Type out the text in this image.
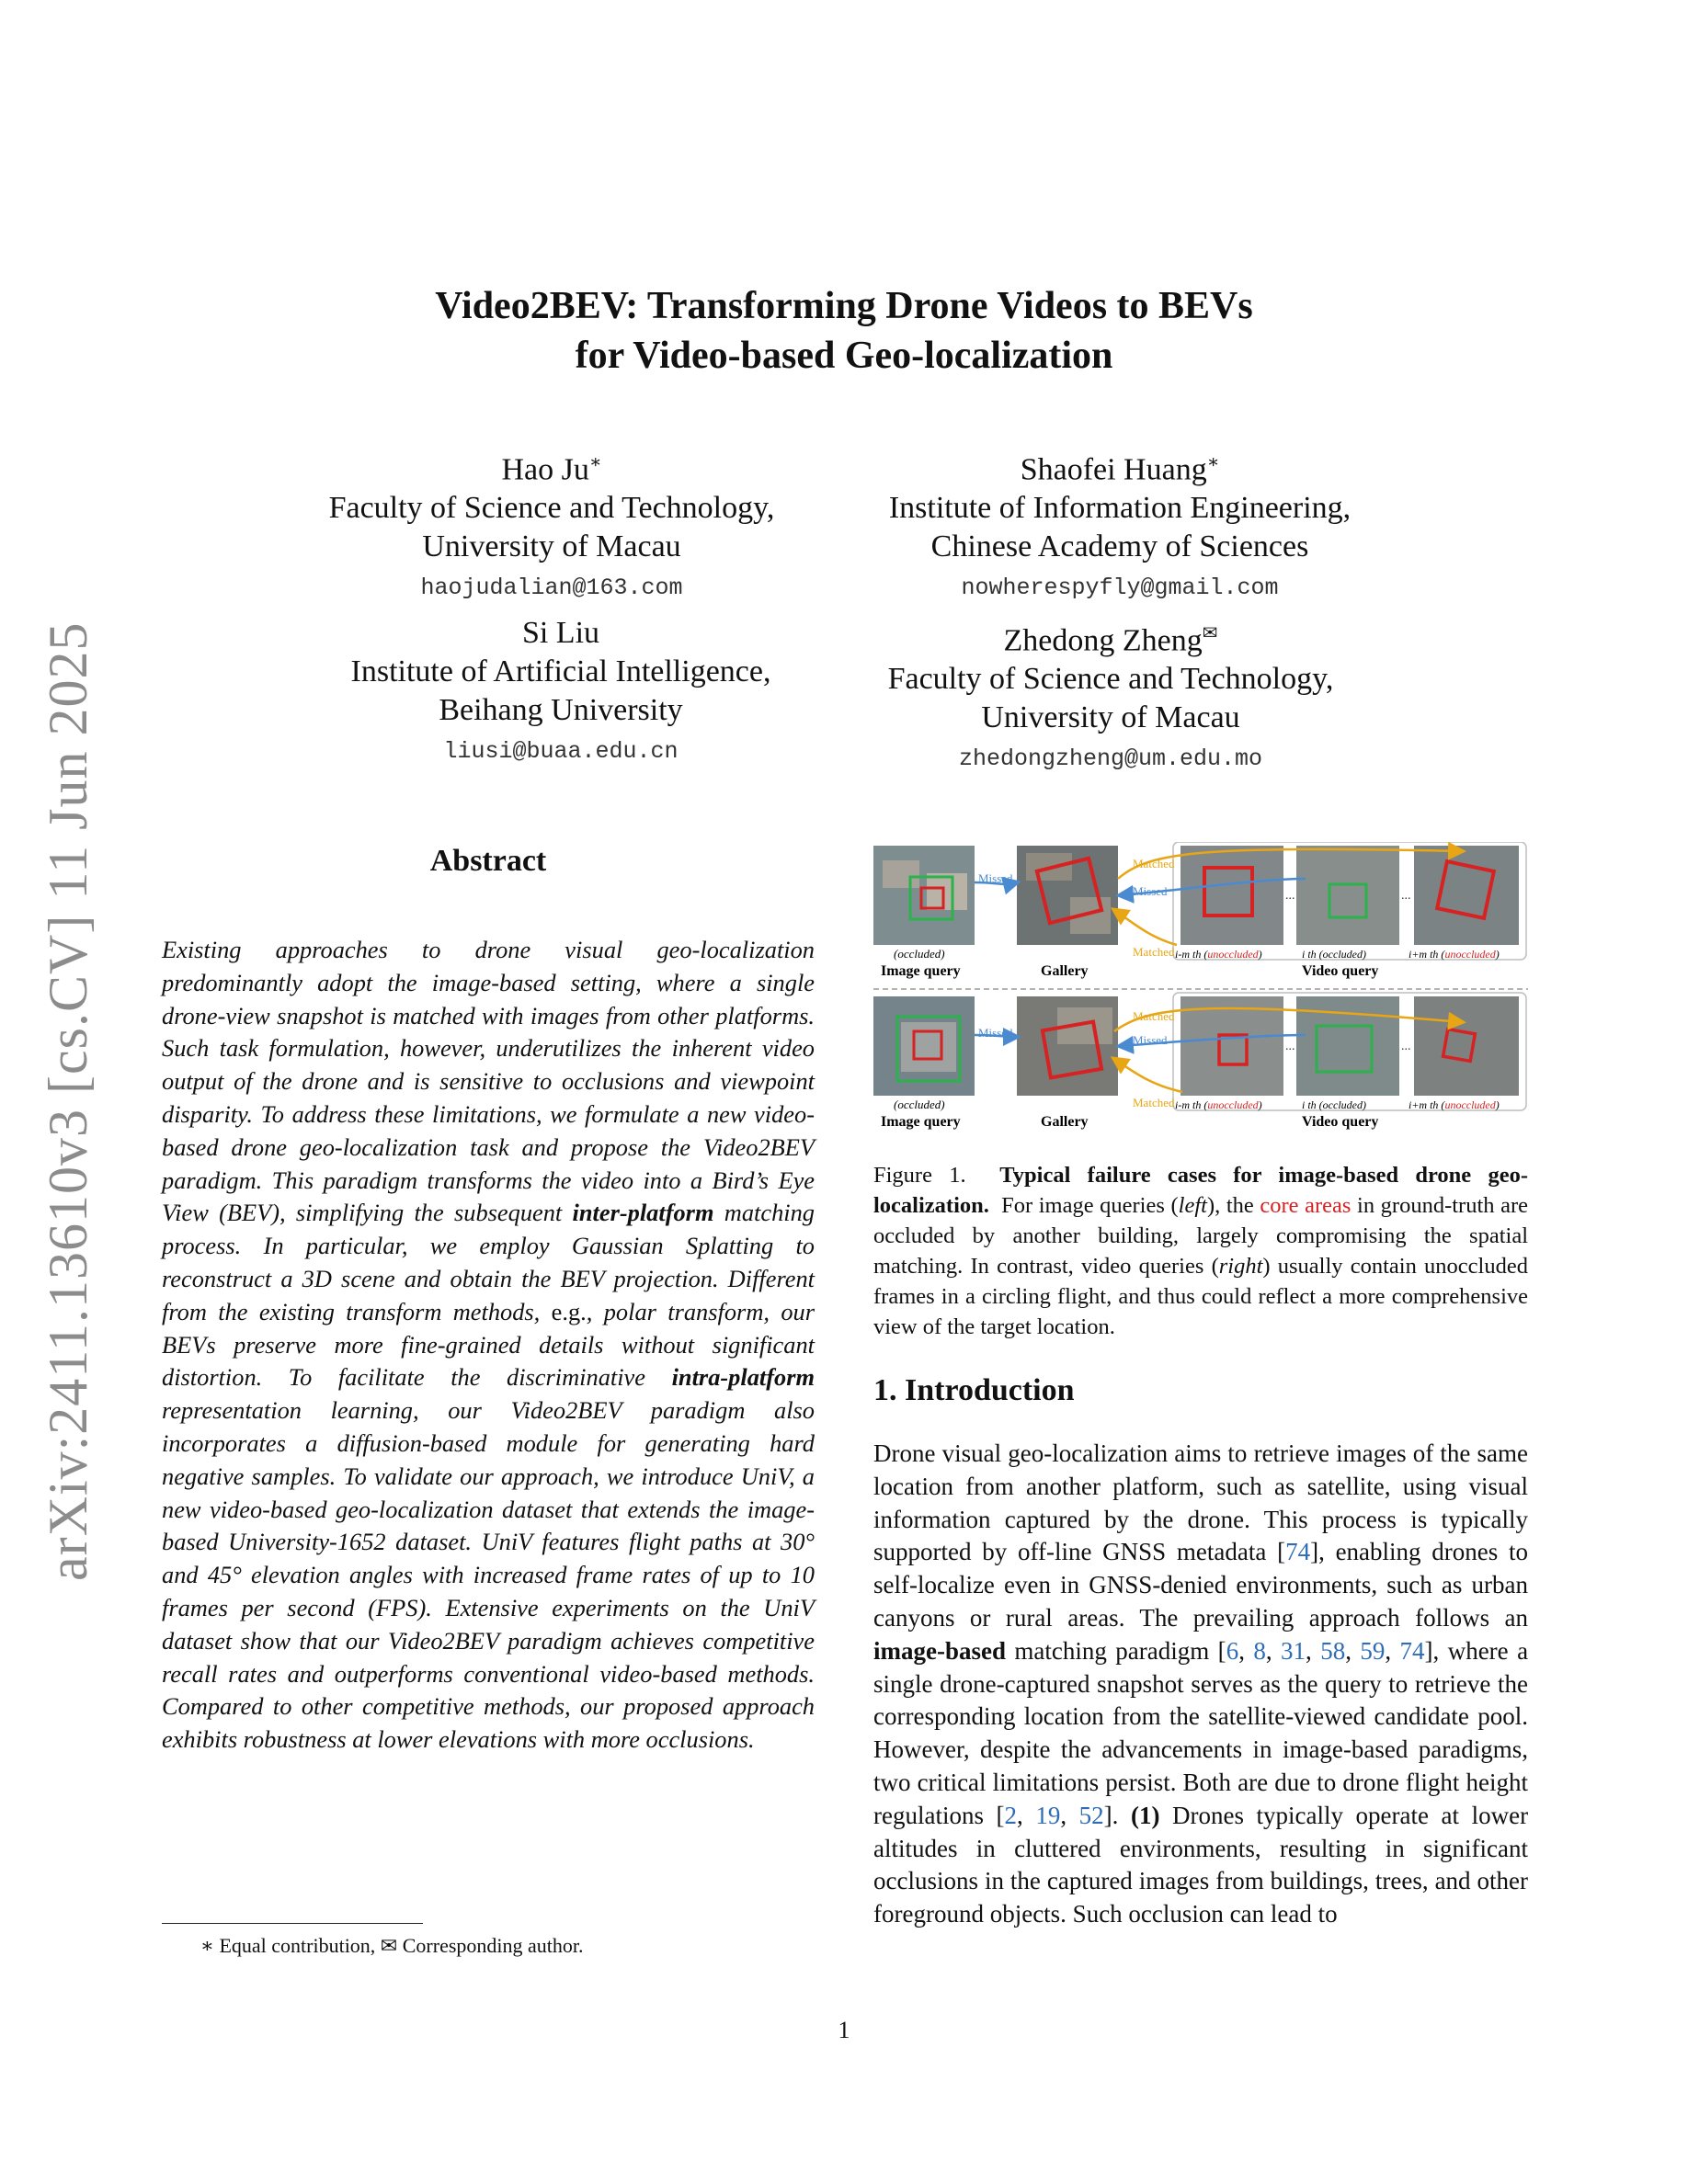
arXiv:2411.13610v3 [cs.CV] 11 Jun 2025
Video2BEV: Transforming Drone Videos to BEVs
for Video-based Geo-localization
Hao Ju∗
Faculty of Science and Technology,
University of Macau
haojudalian@163.com
Shaofei Huang∗
Institute of Information Engineering,
Chinese Academy of Sciences
nowherespyfly@gmail.com
Si Liu
Institute of Artificial Intelligence,
Beihang University
liusi@buaa.edu.cn
Zhedong Zheng✉
Faculty of Science and Technology,
University of Macau
zhedongzheng@um.edu.mo
Abstract
Existing approaches to drone visual geo-localization predominantly adopt the image-based setting, where a single drone-view snapshot is matched with images from other platforms. Such task formulation, however, underutilizes the inherent video output of the drone and is sensitive to occlusions and viewpoint disparity. To address these limitations, we formulate a new video-based drone geo-localization task and propose the Video2BEV paradigm. This paradigm transforms the video into a Bird’s Eye View (BEV), simplifying the subsequent inter-platform matching process. In particular, we employ Gaussian Splatting to reconstruct a 3D scene and obtain the BEV projection. Different from the existing transform methods, e.g., polar transform, our BEVs preserve more fine-grained details without significant distortion. To facilitate the discriminative intra-platform representation learning, our Video2BEV paradigm also incorporates a diffusion-based module for generating hard negative samples. To validate our approach, we introduce UniV, a new video-based geo-localization dataset that extends the image-based University-1652 dataset. UniV features flight paths at 30° and 45° elevation angles with increased frame rates of up to 10 frames per second (FPS). Extensive experiments on the UniV dataset show that our Video2BEV paradigm achieves competitive recall rates and outperforms conventional video-based methods. Compared to other competitive methods, our proposed approach exhibits robustness at lower elevations with more occlusions.
∗ Equal contribution, ✉ Corresponding author.
Missed
Matched
Missed
Matched
...	...
(occluded)
Image query	Gallery
i-m th (unoccluded)	i th (occluded)	i+m th (unoccluded)
Video query
Missed
Matched
Missed
Matched
...	...
(occluded)
Image query	Gallery
i-m th (unoccluded)	i th (occluded)	i+m th (unoccluded)
Video query
Figure 1. Typical failure cases for image-based drone geo-localization. For image queries (left), the core areas in ground-truth are occluded by another building, largely compromising the spatial matching. In contrast, video queries (right) usually contain unoccluded frames in a circling flight, and thus could reflect a more comprehensive view of the target location.
1. Introduction
Drone visual geo-localization aims to retrieve images of the same location from another platform, such as satellite, using visual information captured by the drone. This process is typically supported by off-line GNSS metadata [74], enabling drones to self-localize even in GNSS-denied environments, such as urban canyons or rural areas. The prevailing approach follows an image-based matching paradigm [6, 8, 31, 58, 59, 74], where a single drone-captured snapshot serves as the query to retrieve the corresponding location from the satellite-viewed candidate pool. However, despite the advancements in image-based paradigms, two critical limitations persist. Both are due to drone flight height regulations [2, 19, 52]. (1) Drones typically operate at lower altitudes in cluttered environments, resulting in significant occlusions in the captured images from buildings, trees, and other foreground objects. Such occlusion can lead to
1
